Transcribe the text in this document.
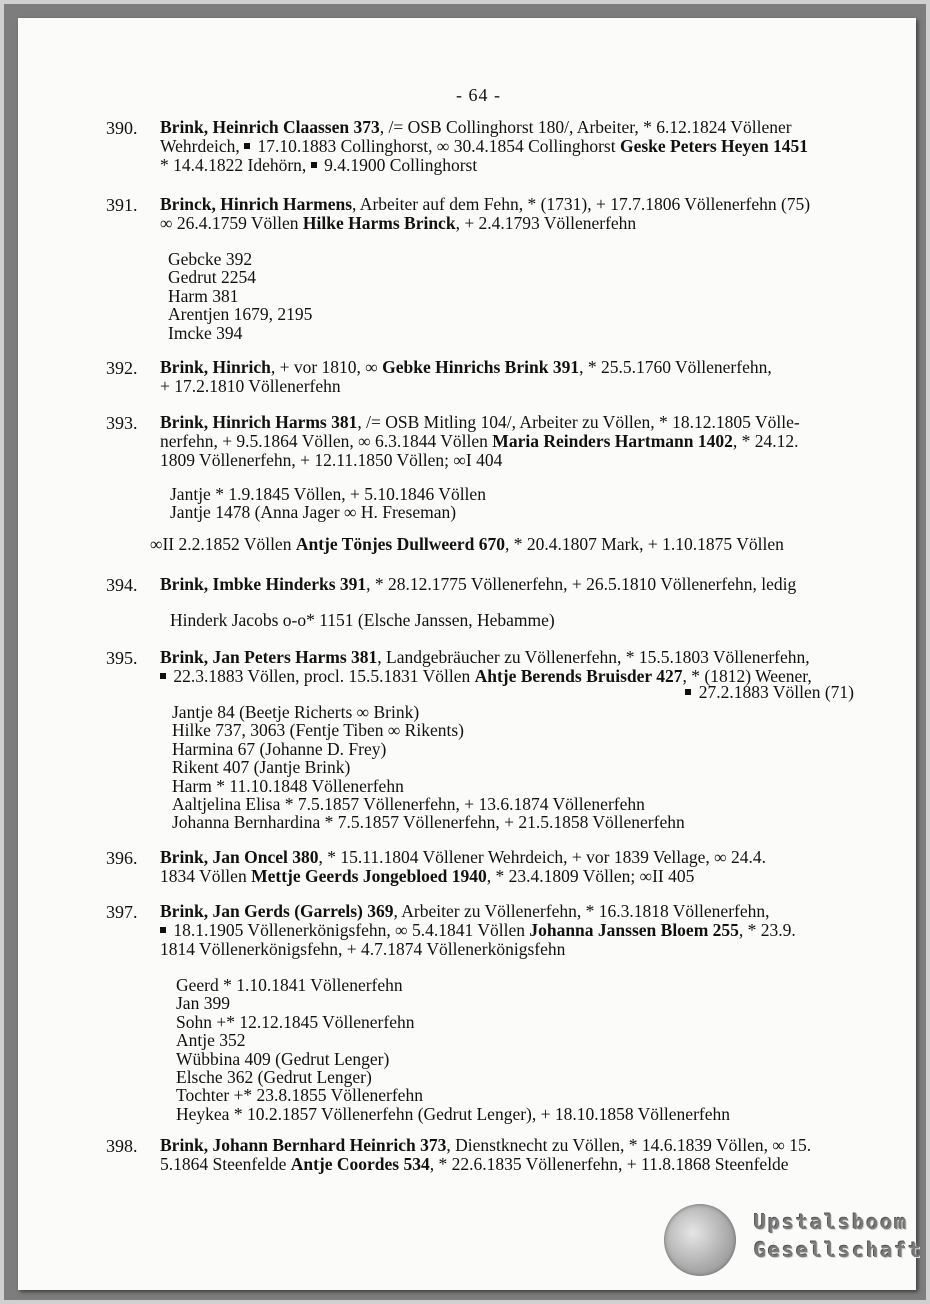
- 64 -
390. Brink, Heinrich Claassen 373, /= OSB Collinghorst 180/, Arbeiter, * 6.12.1824 Völlener
Wehrdeich,  17.10.1883 Collinghorst, ∞ 30.4.1854 Collinghorst Geske Peters Heyen 1451
* 14.4.1822 Idehörn,  9.4.1900 Collinghorst
391. Brinck, Hinrich Harmens, Arbeiter auf dem Fehn, * (1731), + 17.7.1806 Völlenerfehn (75)
∞ 26.4.1759 Völlen Hilke Harms Brinck, + 2.4.1793 Völlenerfehn
Gebcke 392
Gedrut 2254
Harm 381
Arentjen 1679, 2195
Imcke 394
392. Brink, Hinrich, + vor 1810, ∞ Gebke Hinrichs Brink 391, * 25.5.1760 Völlenerfehn,
+ 17.2.1810 Völlenerfehn
393. Brink, Hinrich Harms 381, /= OSB Mitling 104/, Arbeiter zu Völlen, * 18.12.1805 Vӧlle-
nerfehn, + 9.5.1864 Völlen, ∞ 6.3.1844 Völlen Maria Reinders Hartmann 1402, * 24.12.
1809 Völlenerfehn, + 12.11.1850 Völlen; ∞I 404
Jantje * 1.9.1845 Völlen, + 5.10.1846 Völlen
Jantje 1478 (Anna Jager ∞ H. Freseman)
∞II 2.2.1852 Völlen Antje Tönjes Dullweerd 670, * 20.4.1807 Mark, + 1.10.1875 Völlen
394. Brink, Imbke Hinderks 391, * 28.12.1775 Völlenerfehn, + 26.5.1810 Völlenerfehn, ledig
Hinderk Jacobs o-o* 1151 (Elsche Janssen, Hebamme)
395. Brink, Jan Peters Harms 381, Landgebräucher zu Völlenerfehn, * 15.5.1803 Völlenerfehn,
22.3.1883 Völlen, procl. 15.5.1831 Völlen Ahtje Berends Bruisder 427, * (1812) Weener,
27.2.1883 Völlen (71)
Jantje 84 (Beetje Richerts ∞ Brink)
Hilke 737, 3063 (Fentje Tiben ∞ Rikents)
Harmina 67 (Johanne D. Frey)
Rikent 407 (Jantje Brink)
Harm * 11.10.1848 Völlenerfehn
Aaltjelina Elisa * 7.5.1857 Völlenerfehn, + 13.6.1874 Völlenerfehn
Johanna Bernhardina * 7.5.1857 Völlenerfehn, + 21.5.1858 Völlenerfehn
396. Brink, Jan Oncel 380, * 15.11.1804 Völlener Wehrdeich, + vor 1839 Vellage, ∞ 24.4.
1834 Völlen Mettje Geerds Jongebloed 1940, * 23.4.1809 Völlen; ∞II 405
397. Brink, Jan Gerds (Garrels) 369, Arbeiter zu Völlenerfehn, * 16.3.1818 Völlenerfehn,
18.1.1905 Völlenerkönigsfehn, ∞ 5.4.1841 Völlen Johanna Janssen Bloem 255, * 23.9.
1814 Völlenerkönigsfehn, + 4.7.1874 Völlenerkönigsfehn
Geerd * 1.10.1841 Völlenerfehn
Jan 399
Sohn +* 12.12.1845 Völlenerfehn
Antje 352
Wübbina 409 (Gedrut Lenger)
Elsche 362 (Gedrut Lenger)
Tochter +* 23.8.1855 Völlenerfehn
Heykea * 10.2.1857 Völlenerfehn (Gedrut Lenger), + 18.10.1858 Völlenerfehn
398. Brink, Johann Bernhard Heinrich 373, Dienstknecht zu Völlen, * 14.6.1839 Völlen, ∞ 15.
5.1864 Steenfelde Antje Coordes 534, * 22.6.1835 Völlenerfehn, + 11.8.1868 Steenfelde
Upstalsboom
Gesellschaft
